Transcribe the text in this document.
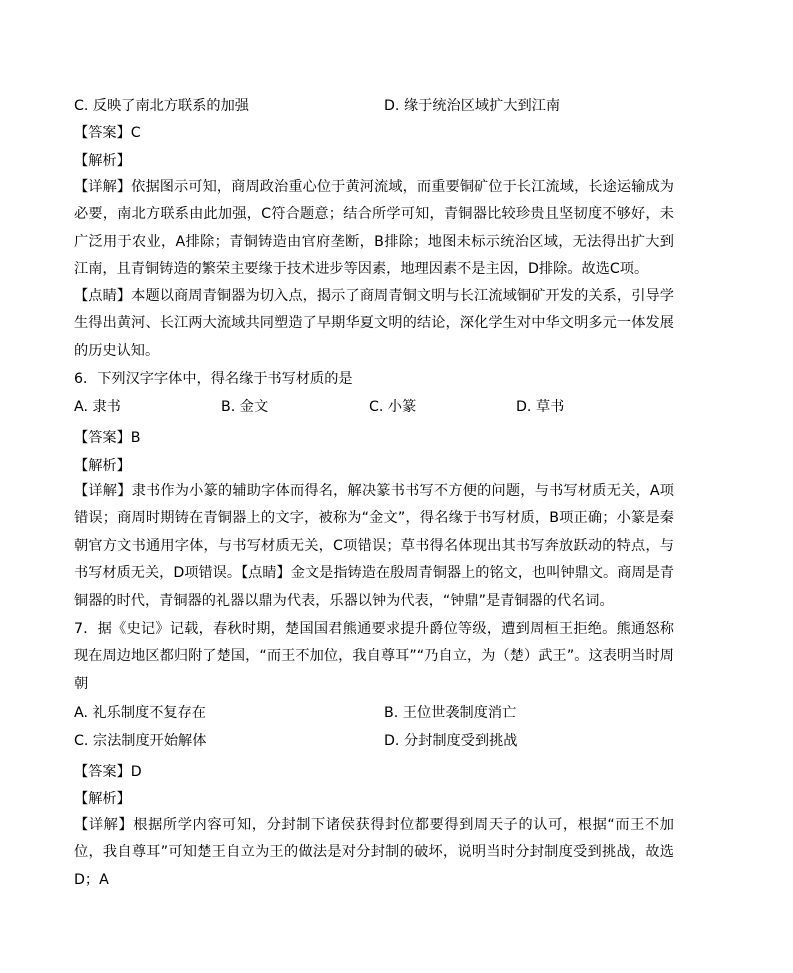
C. 反映了南北方联系的加强	D. 缘于统治区域扩大到江南
【答案】C
【解析】
【详解】依据图示可知，商周政治重心位于黄河流域，而重要铜矿位于长江流域，长途运输成为必要，南北方联系由此加强，C符合题意；结合所学可知，青铜器比较珍贵且坚韧度不够好，未广泛用于农业，A排除；青铜铸造由官府垄断，B排除；地图未标示统治区域，无法得出扩大到江南，且青铜铸造的繁荣主要缘于技术进步等因素，地理因素不是主因，D排除。故选C项。
【点睛】本题以商周青铜器为切入点，揭示了商周青铜文明与长江流域铜矿开发的关系，引导学生得出黄河、长江两大流域共同塑造了早期华夏文明的结论，深化学生对中华文明多元一体发展的历史认知。
6．下列汉字字体中，得名缘于书写材质的是
A. 隶书	B. 金文	C. 小篆	D. 草书
【答案】B
【解析】
【详解】隶书作为小篆的辅助字体而得名，解决篆书书写不方便的问题，与书写材质无关，A项错误；商周时期铸在青铜器上的文字，被称为“金文”，得名缘于书写材质，B项正确；小篆是秦朝官方文书通用字体，与书写材质无关，C项错误；草书得名体现出其书写奔放跃动的特点，与书写材质无关，D项错误。【点睛】金文是指铸造在殷周青铜器上的铭文，也叫钟鼎文。商周是青铜器的时代，青铜器的礼器以鼎为代表，乐器以钟为代表，“钟鼎”是青铜器的代名词。
7．据《史记》记载，春秋时期，楚国国君熊通要求提升爵位等级，遭到周桓王拒绝。熊通怒称现在周边地区都归附了楚国，“而王不加位，我自尊耳”“乃自立，为（楚）武王”。这表明当时周朝
A. 礼乐制度不复存在	B. 王位世袭制度消亡
C. 宗法制度开始解体	D. 分封制度受到挑战
【答案】D
【解析】
【详解】根据所学内容可知，分封制下诸侯获得封位都要得到周天子的认可，根据“而王不加位，我自尊耳”可知楚王自立为王的做法是对分封制的破坏，说明当时分封制度受到挑战，故选D；A
